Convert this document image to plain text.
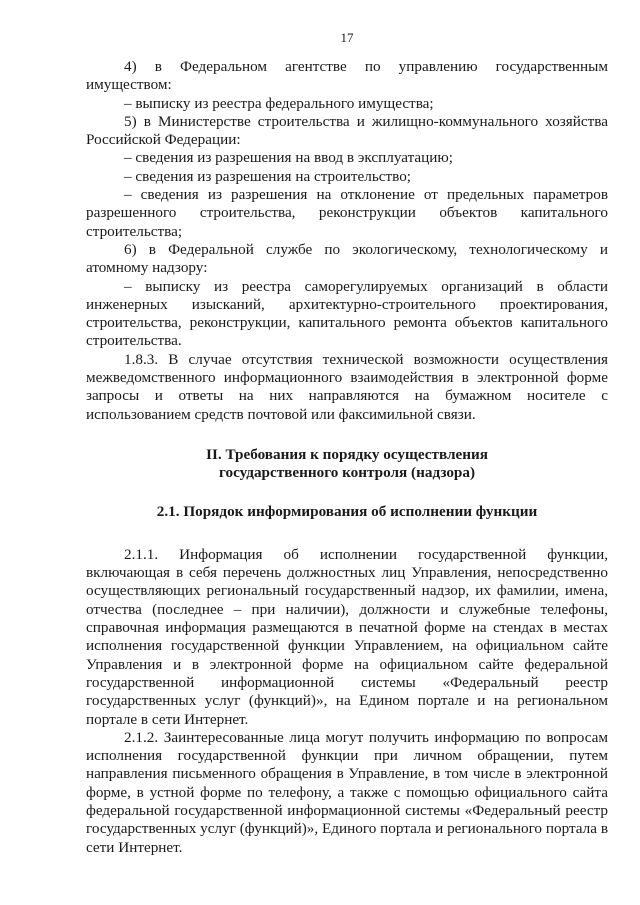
17

4) в Федеральном агентстве по управлению государственным имуществом:

– выписку из реестра федерального имущества;

5) в Министерстве строительства и жилищно-коммунального хозяйства Российской Федерации:

– сведения из разрешения на ввод в эксплуатацию;

– сведения из разрешения на строительство;

– сведения из разрешения на отклонение от предельных параметров разрешенного строительства, реконструкции объектов капитального строительства;

6) в Федеральной службе по экологическому, технологическому и атомному надзору:

– выписку из реестра саморегулируемых организаций в области инженерных изысканий, архитектурно-строительного проектирования, строительства, реконструкции, капитального ремонта объектов капитального строительства.

1.8.3. В случае отсутствия технической возможности осуществления межведомственного информационного взаимодействия в электронной форме запросы и ответы на них направляются на бумажном носителе с использованием средств почтовой или факсимильной связи.

II. Требования к порядку осуществления

государственного контроля (надзора)

2.1. Порядок информирования об исполнении функции

2.1.1. Информация об исполнении государственной функции, включающая в себя перечень должностных лиц Управления, непосредственно осуществляющих региональный государственный надзор, их фамилии, имена, отчества (последнее – при наличии), должности и служебные телефоны, справочная информация размещаются в печатной форме на стендах в местах исполнения государственной функции Управлением, на официальном сайте Управления и в электронной форме на официальном сайте федеральной государственной информационной системы «Федеральный реестр государственных услуг (функций)», на Едином портале и на региональном портале в сети Интернет.

2.1.2. Заинтересованные лица могут получить информацию по вопросам исполнения государственной функции при личном обращении, путем направления письменного обращения в Управление, в том числе в электронной форме, в устной форме по телефону, а также с помощью официального сайта федеральной государственной информационной системы «Федеральный реестр государственных услуг (функций)», Единого портала и регионального портала в сети Интернет.
